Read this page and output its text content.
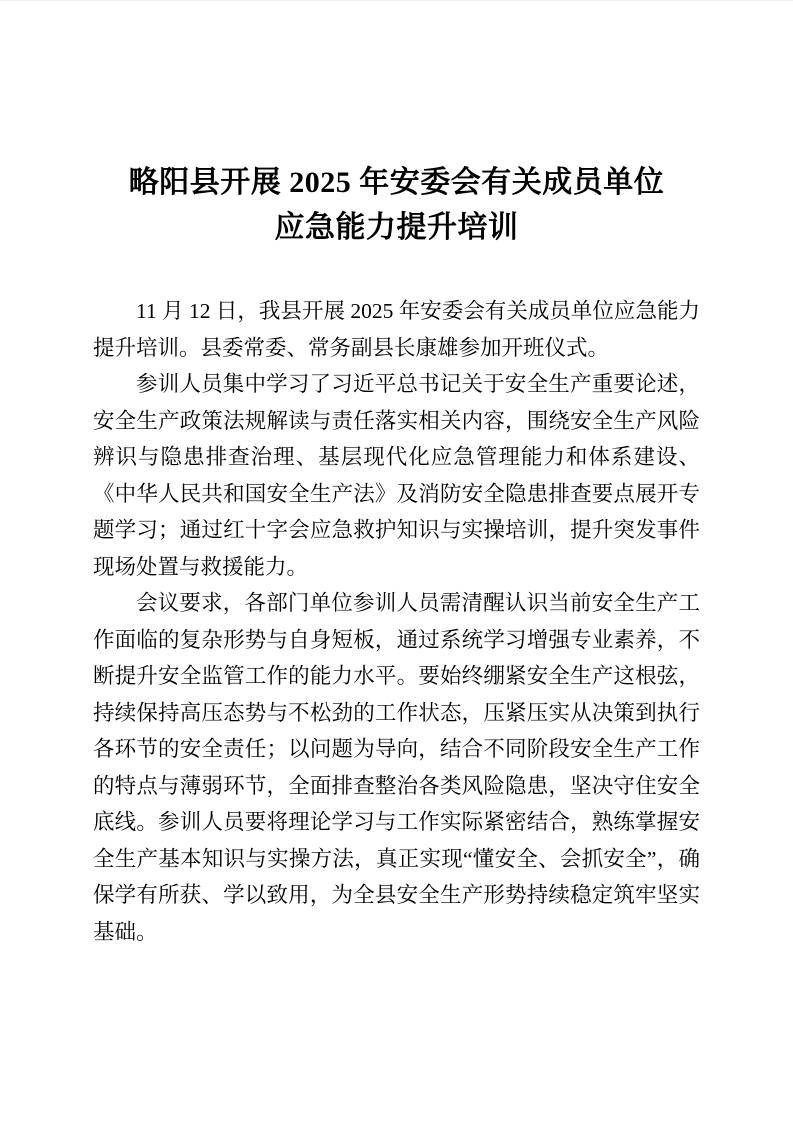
略阳县开展 2025 年安委会有关成员单位
应急能力提升培训

11 月 12 日，我县开展 2025 年安委会有关成员单位应急能力提升培训。县委常委、常务副县长康雄参加开班仪式。

参训人员集中学习了习近平总书记关于安全生产重要论述，安全生产政策法规解读与责任落实相关内容，围绕安全生产风险辨识与隐患排查治理、基层现代化应急管理能力和体系建设、《中华人民共和国安全生产法》及消防安全隐患排查要点展开专题学习；通过红十字会应急救护知识与实操培训，提升突发事件现场处置与救援能力。

会议要求，各部门单位参训人员需清醒认识当前安全生产工作面临的复杂形势与自身短板，通过系统学习增强专业素养，不断提升安全监管工作的能力水平。要始终绷紧安全生产这根弦，持续保持高压态势与不松劲的工作状态，压紧压实从决策到执行各环节的安全责任；以问题为导向，结合不同阶段安全生产工作的特点与薄弱环节，全面排查整治各类风险隐患，坚决守住安全底线。参训人员要将理论学习与工作实际紧密结合，熟练掌握安全生产基本知识与实操方法，真正实现“懂安全、会抓安全”，确保学有所获、学以致用，为全县安全生产形势持续稳定筑牢坚实基础。
